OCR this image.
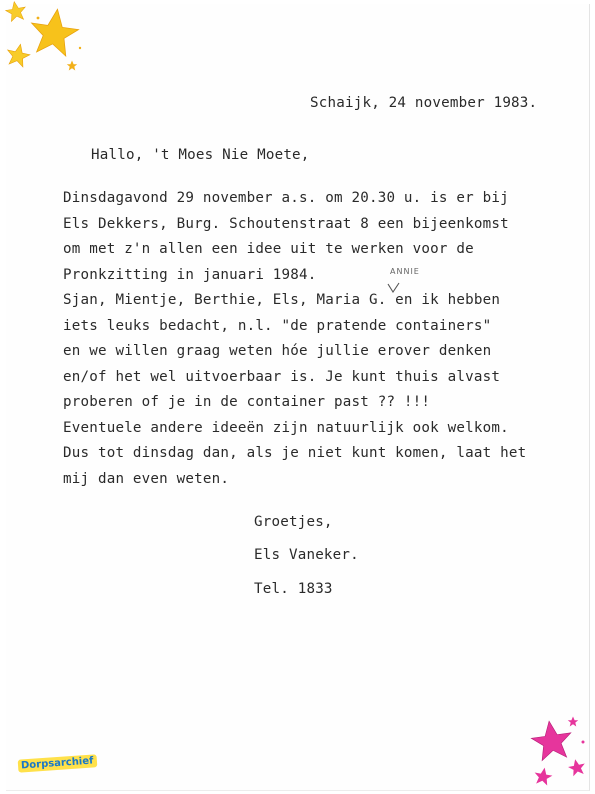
Schaijk, 24 november 1983.
Hallo, 't Moes Nie Moete,
Dinsdagavond 29 november a.s. om 20.30 u. is er bij
Els Dekkers, Burg. Schoutenstraat 8 een bijeenkomst
om met z'n allen een idee uit te werken voor de
Pronkzitting in januari 1984.
Sjan, Mientje, Berthie, Els, Maria G. en ik hebben
iets leuks bedacht, n.l. "de pratende containers"
en we willen graag weten hóe jullie erover denken
en/of het wel uitvoerbaar is. Je kunt thuis alvast
proberen of je in de container past ?? !!!
Eventuele andere ideeën zijn natuurlijk ook welkom.
Dus tot dinsdag dan, als je niet kunt komen, laat het
mij dan even weten.
ANNIE
Groetjes,
Els Vaneker.
Tel. 1833
Dorpsarchief
